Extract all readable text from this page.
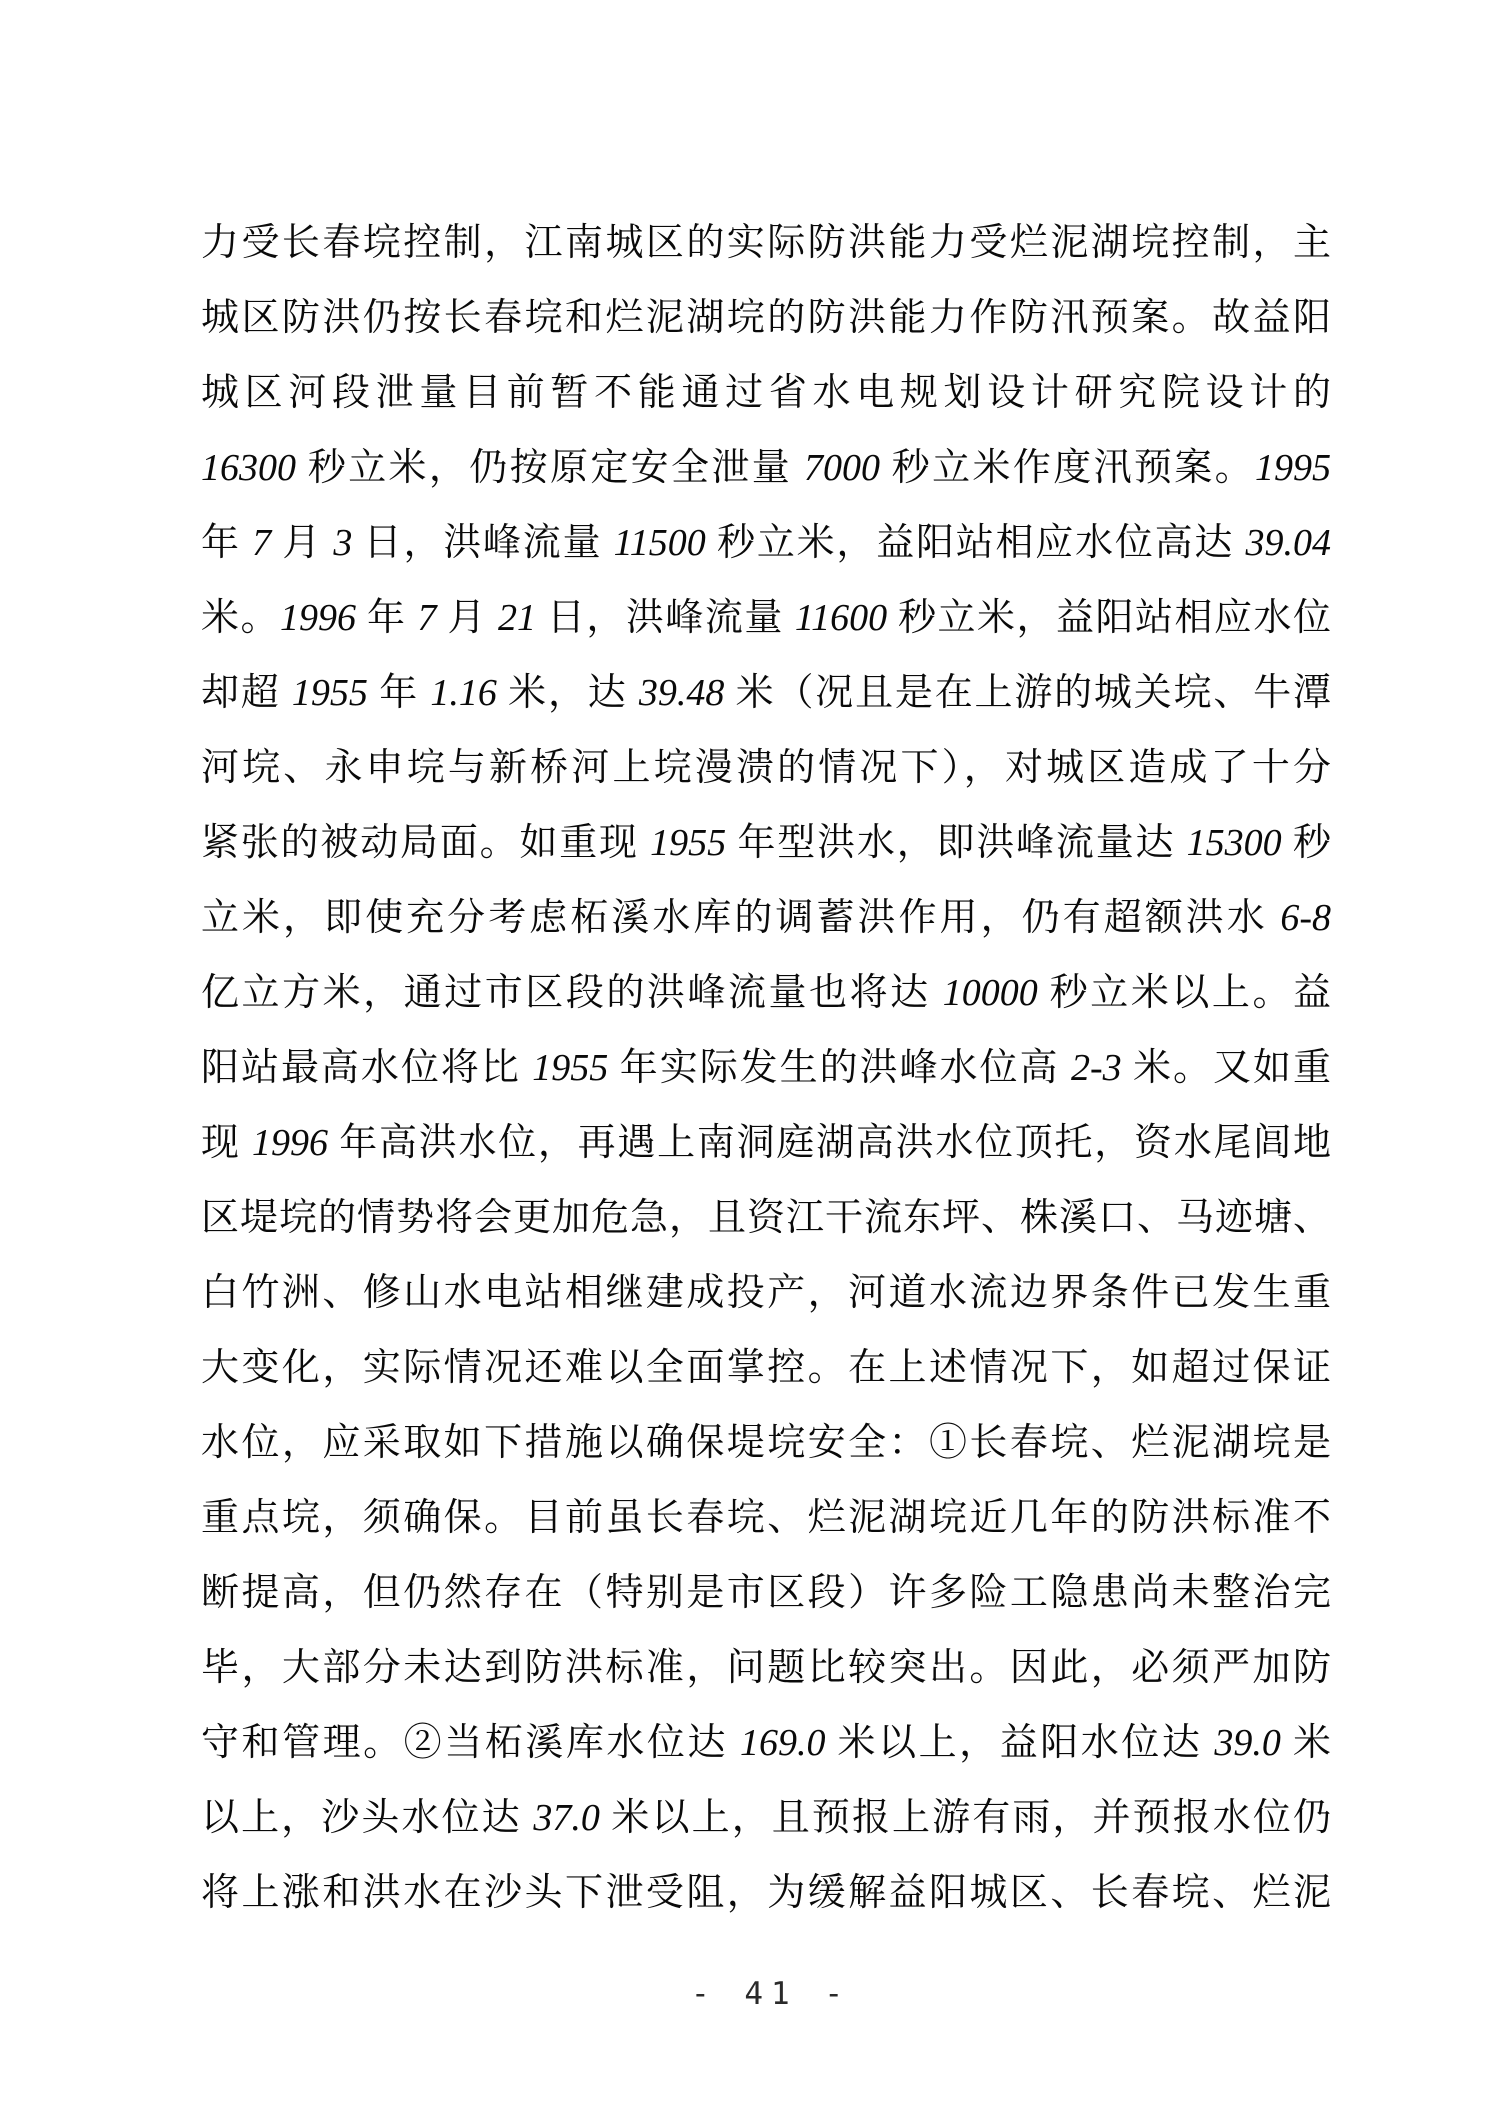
力受长春垸控制，江南城区的实际防洪能力受烂泥湖垸控制，主
城区防洪仍按长春垸和烂泥湖垸的防洪能力作防汛预案。故益阳
城区河段泄量目前暂不能通过省水电规划设计研究院设计的
16300 秒立米，仍按原定安全泄量 7000 秒立米作度汛预案。1995
年 7 月 3 日，洪峰流量 11500 秒立米，益阳站相应水位高达 39.04
米。1996 年 7 月 21 日，洪峰流量 11600 秒立米，益阳站相应水位
却超 1955 年 1.16 米，达 39.48 米（况且是在上游的城关垸、牛潭
河垸、永申垸与新桥河上垸漫溃的情况下），对城区造成了十分
紧张的被动局面。如重现 1955 年型洪水，即洪峰流量达 15300 秒
立米，即使充分考虑柘溪水库的调蓄洪作用，仍有超额洪水 6-8
亿立方米，通过市区段的洪峰流量也将达 10000 秒立米以上。益
阳站最高水位将比 1955 年实际发生的洪峰水位高 2-3 米。又如重
现 1996 年高洪水位，再遇上南洞庭湖高洪水位顶托，资水尾闾地
区堤垸的情势将会更加危急，且资江干流东坪、株溪口、马迹塘、
白竹洲、修山水电站相继建成投产，河道水流边界条件已发生重
大变化，实际情况还难以全面掌控。在上述情况下，如超过保证
水位，应采取如下措施以确保堤垸安全：①长春垸、烂泥湖垸是
重点垸，须确保。目前虽长春垸、烂泥湖垸近几年的防洪标准不
断提高，但仍然存在（特别是市区段）许多险工隐患尚未整治完
毕，大部分未达到防洪标准，问题比较突出。因此，必须严加防
守和管理。②当柘溪库水位达 169.0 米以上，益阳水位达 39.0 米
以上，沙头水位达 37.0 米以上，且预报上游有雨，并预报水位仍
将上涨和洪水在沙头下泄受阻，为缓解益阳城区、长春垸、烂泥
- 41 -
